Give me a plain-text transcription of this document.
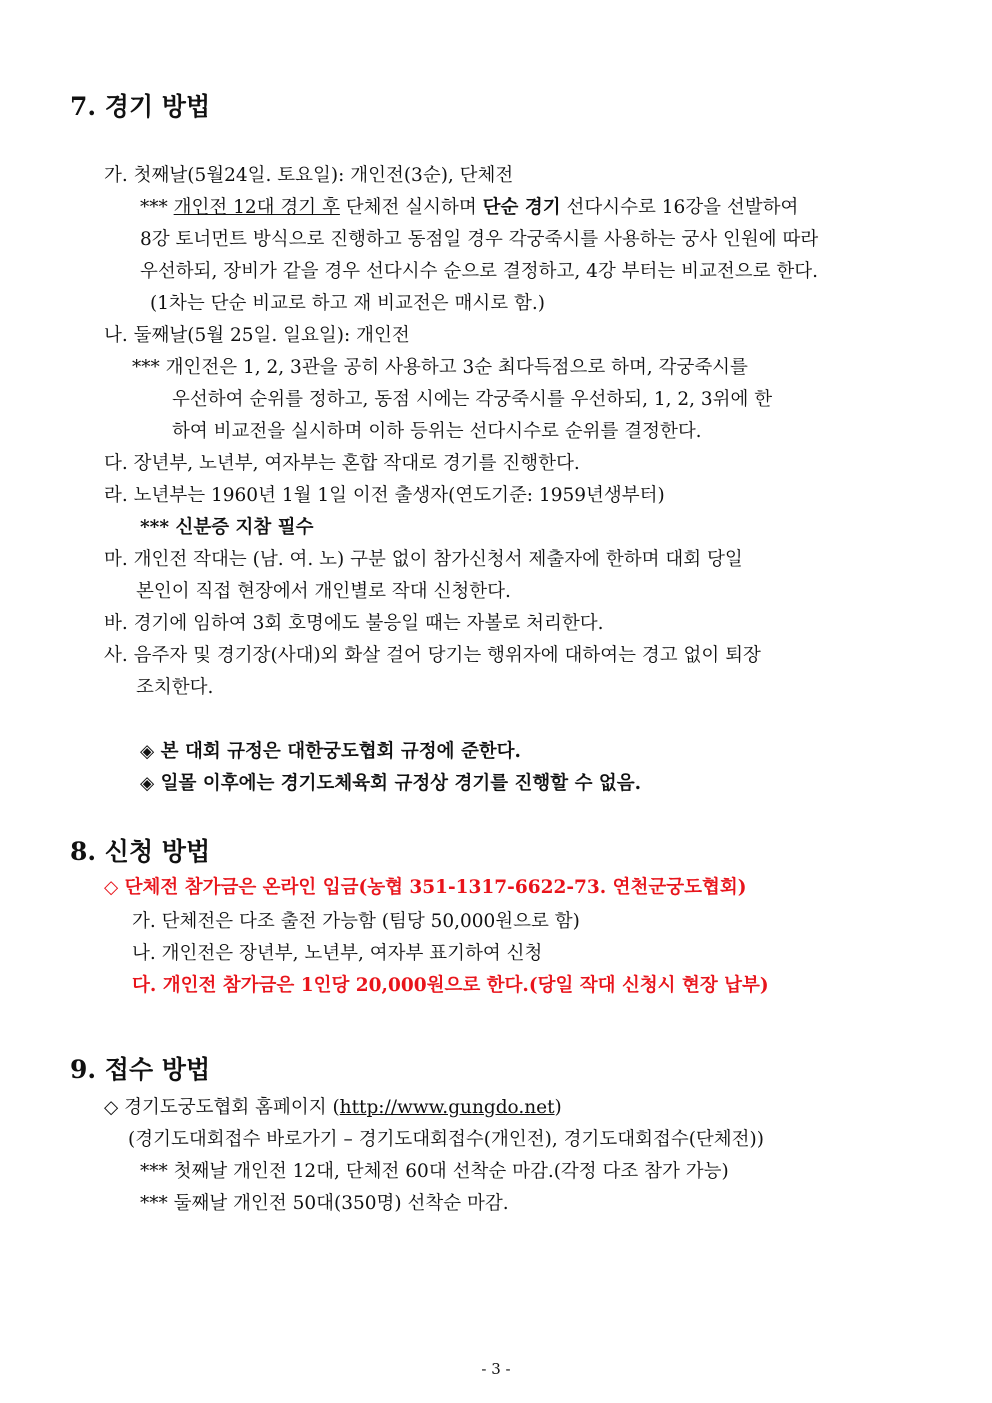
7. 경기 방법
가. 첫째날(5월24일. 토요일): 개인전(3순), 단체전
*** 개인전 12대 경기 후 단체전 실시하며 단순 경기 선다시수로 16강을 선발하여
8강 토너먼트 방식으로 진행하고 동점일 경우 각궁죽시를 사용하는 궁사 인원에 따라
우선하되, 장비가 같을 경우 선다시수 순으로 결정하고, 4강 부터는 비교전으로 한다.
(1차는 단순 비교로 하고 재 비교전은 매시로 함.)
나. 둘째날(5월 25일. 일요일): 개인전
*** 개인전은 1, 2, 3관을 공히 사용하고 3순 최다득점으로 하며, 각궁죽시를
우선하여 순위를 정하고, 동점 시에는 각궁죽시를 우선하되, 1, 2, 3위에 한
하여 비교전을 실시하며 이하 등위는 선다시수로 순위를 결정한다.
다. 장년부, 노년부, 여자부는 혼합 작대로 경기를 진행한다.
라. 노년부는 1960년 1월 1일 이전 출생자(연도기준: 1959년생부터)
*** 신분증 지참 필수
마. 개인전 작대는 (남. 여. 노) 구분 없이 참가신청서 제출자에 한하며 대회 당일
본인이 직접 현장에서 개인별로 작대 신청한다.
바. 경기에 임하여 3회 호명에도 불응일 때는 자볼로 처리한다.
사. 음주자 및 경기장(사대)외 화살 걸어 당기는 행위자에 대하여는 경고 없이 퇴장
조치한다.
◈ 본 대회 규정은 대한궁도협회 규정에 준한다.
◈ 일몰 이후에는 경기도체육회 규정상 경기를 진행할 수 없음.
8. 신청 방법
◇ 단체전 참가금은 온라인 입금(농협 351-1317-6622-73. 연천군궁도협회)
가. 단체전은 다조 출전 가능함 (팀당 50,000원으로 함)
나. 개인전은 장년부, 노년부, 여자부 표기하여 신청
다. 개인전 참가금은 1인당 20,000원으로 한다.(당일 작대 신청시 현장 납부)
9. 접수 방법
◇ 경기도궁도협회 홈페이지 (http://www.gungdo.net)
(경기도대회접수 바로가기 – 경기도대회접수(개인전), 경기도대회접수(단체전))
*** 첫째날 개인전 12대, 단체전 60대 선착순 마감.(각정 다조 참가 가능)
*** 둘째날 개인전 50대(350명) 선착순 마감.
- 3 -
